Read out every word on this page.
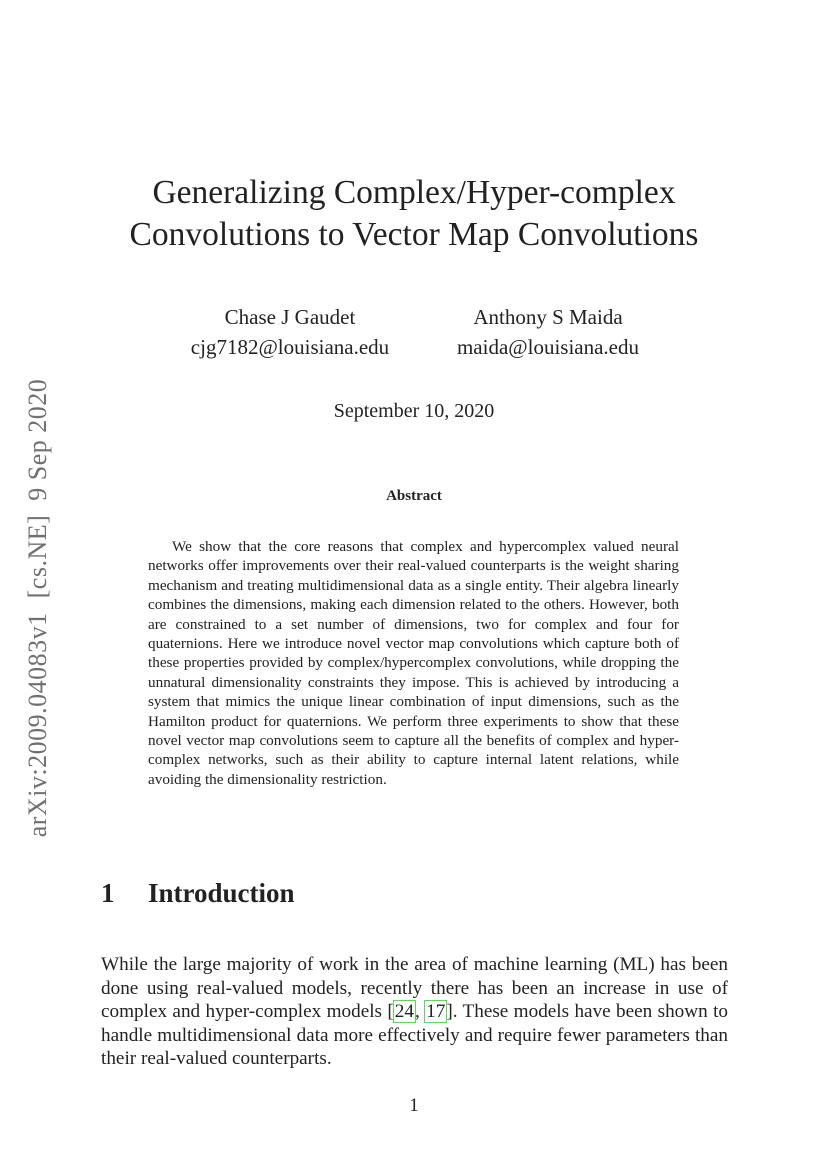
arXiv:2009.04083v1[cs.NE]9 Sep 2020
Generalizing Complex/Hyper-complex
Convolutions to Vector Map Convolutions
Chase J Gaudet
cjg7182@louisiana.edu
Anthony S Maida
maida@louisiana.edu
September 10, 2020
Abstract

We show that the core reasons that complex and hypercomplex valued neural networks offer improvements over their real-valued counterparts is the weight sharing mechanism and treating multidimensional data as a single entity. Their algebra linearly combines the dimensions, making each dimension related to the others. However, both are constrained to a set number of dimensions, two for complex and four for quaternions. Here we introduce novel vector map convolutions which capture both of these properties provided by complex/hypercomplex convolutions, while dropping the unnatural dimensionality constraints they impose. This is achieved by introducing a system that mimics the unique linear combination of input dimensions, such as the Hamilton product for quaternions. We perform three experiments to show that these novel vector map convolutions seem to capture all the benefits of complex and hyper-complex networks, such as their ability to capture internal latent relations, while avoiding the dimensionality restriction.

1 Introduction

While the large majority of work in the area of machine learning (ML) has been done using real-valued models, recently there has been an increase in use of complex and hyper-complex models [24, 17]. These models have been shown to handle multidimensional data more effectively and require fewer parameters than their real-valued counterparts.

1
